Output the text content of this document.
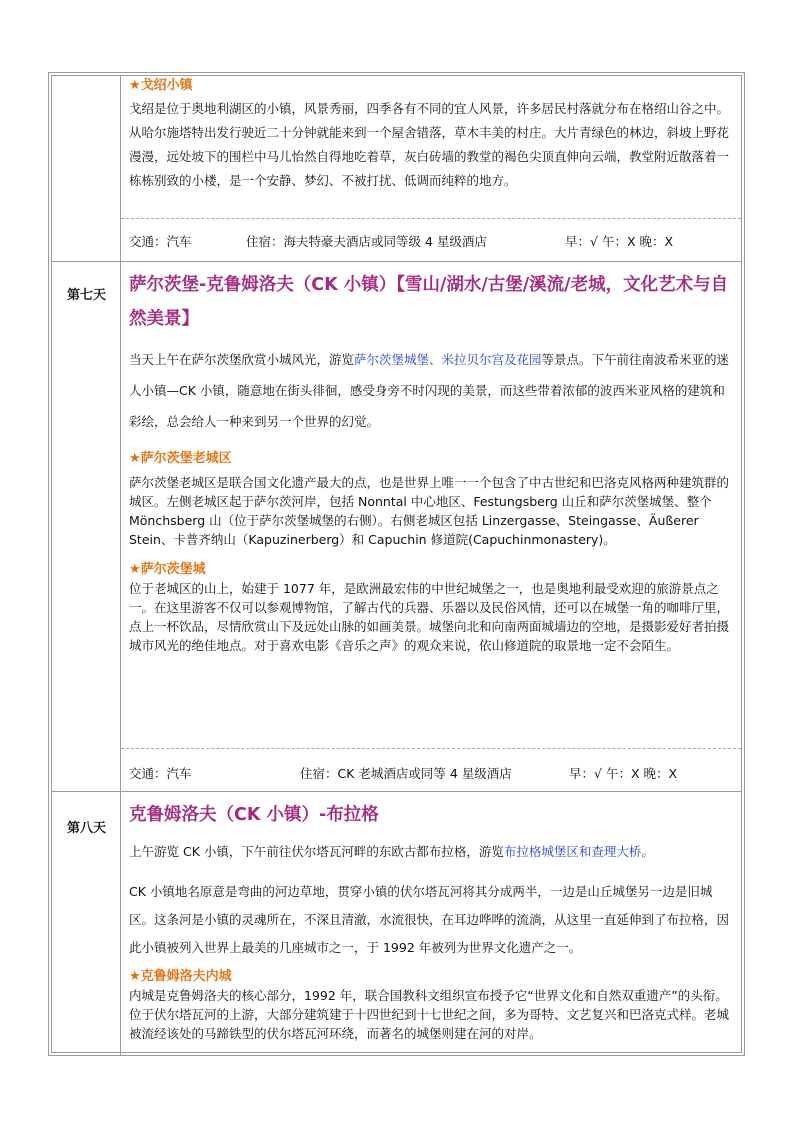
★戈绍小镇
戈绍是位于奥地利湖区的小镇，风景秀丽，四季各有不同的宜人风景，许多居民村落就分布在格绍山谷之中。从哈尔施塔特出发行驶近二十分钟就能来到一个屋舍错落，草木丰美的村庄。大片青绿色的林边，斜坡上野花漫漫，远处坡下的围栏中马儿怡然自得地吃着草，灰白砖墙的教堂的褐色尖顶直伸向云端，教堂附近散落着一栋栋别致的小楼，是一个安静、梦幻、不被打扰、低调而纯粹的地方。
交通：汽车	住宿：海夫特豪夫酒店或同等级 4 星级酒店	早：√ 午：X 晚：X
第七天
萨尔茨堡-克鲁姆洛夫（CK 小镇）【雪山/湖水/古堡/溪流/老城，文化艺术与自然美景】
当天上午在萨尔茨堡欣赏小城风光，游览萨尔茨堡城堡、米拉贝尔宫及花园等景点。下午前往南波希米亚的迷人小镇—CK 小镇，随意地在街头徘徊，感受身旁不时闪现的美景，而这些带着浓郁的波西米亚风格的建筑和彩绘，总会给人一种来到另一个世界的幻觉。
★萨尔茨堡老城区
萨尔茨堡老城区是联合国文化遗产最大的点，也是世界上唯一一个包含了中古世纪和巴洛克风格两种建筑群的城区。左侧老城区起于萨尔茨河岸，包括 Nonntal 中心地区、Festungsberg 山丘和萨尔茨堡城堡、整个 Mönchsberg 山（位于萨尔茨堡城堡的右侧）。右侧老城区包括 Linzergasse、Steingasse、Äußerer Stein、卡普齐纳山（Kapuzinerberg）和 Capuchin 修道院(Capuchinmonastery)。
★萨尔茨堡城
位于老城区的山上，始建于 1077 年，是欧洲最宏伟的中世纪城堡之一，也是奥地利最受欢迎的旅游景点之一。在这里游客不仅可以参观博物馆，了解古代的兵器、乐器以及民俗风情，还可以在城堡一角的咖啡厅里，点上一杯饮品，尽情欣赏山下及远处山脉的如画美景。城堡向北和向南两面城墙边的空地，是摄影爱好者拍摄城市风光的绝佳地点。对于喜欢电影《音乐之声》的观众来说，依山修道院的取景地一定不会陌生。
交通：汽车	住宿：CK 老城酒店或同等 4 星级酒店	早：√ 午：X 晚：X
第八天
克鲁姆洛夫（CK 小镇）-布拉格
上午游览 CK 小镇，下午前往伏尔塔瓦河畔的东欧古都布拉格，游览布拉格城堡区和查理大桥。
CK 小镇地名原意是弯曲的河边草地，贯穿小镇的伏尔塔瓦河将其分成两半，一边是山丘城堡另一边是旧城区。这条河是小镇的灵魂所在，不深且清澈，水流很快，在耳边哗哗的流淌，从这里一直延伸到了布拉格，因此小镇被列入世界上最美的几座城市之一，于 1992 年被列为世界文化遗产之一。
★克鲁姆洛夫内城
内城是克鲁姆洛夫的核心部分，1992 年，联合国教科文组织宣布授予它“世界文化和自然双重遗产”的头衔。位于伏尔塔瓦河的上游，大部分建筑建于十四世纪到十七世纪之间，多为哥特、文艺复兴和巴洛克式样。老城被流经该处的马蹄铁型的伏尔塔瓦河环绕，而著名的城堡则建在河的对岸。
